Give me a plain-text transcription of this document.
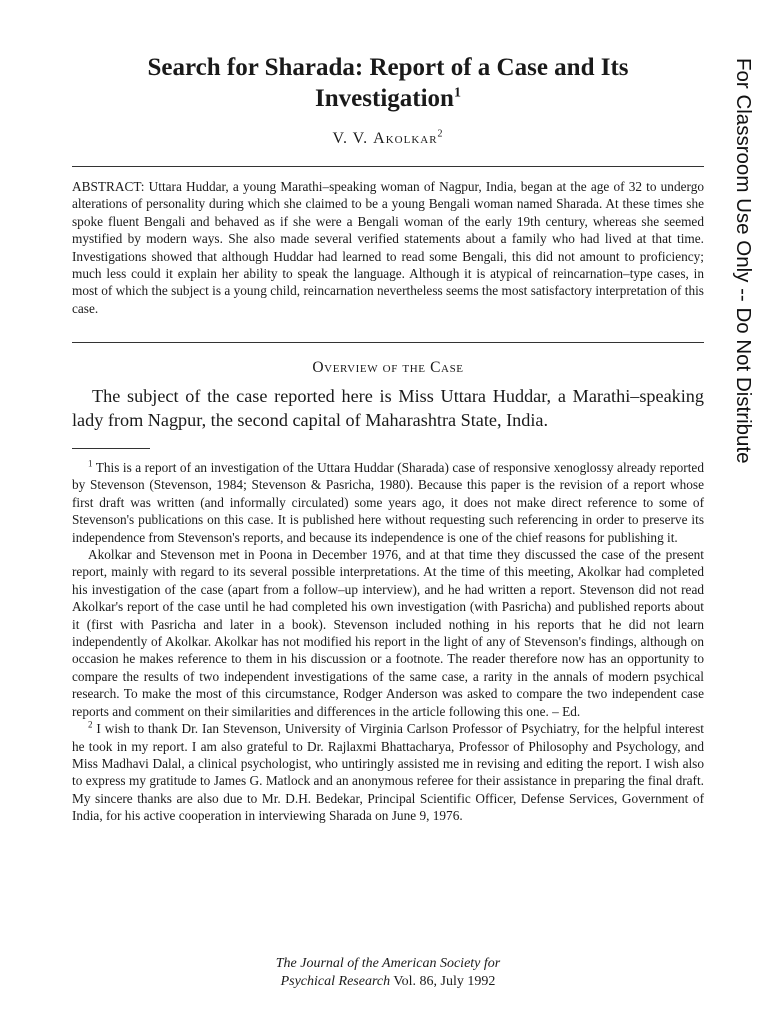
Search for Sharada: Report of a Case and Its Investigation$^1$
V. V. Akolkar$^2$
ABSTRACT: Uttara Huddar, a young Marathi–speaking woman of Nagpur, India, began at the age of 32 to undergo alterations of personality during which she claimed to be a young Bengali woman named Sharada. At these times she spoke fluent Bengali and behaved as if she were a Bengali woman of the early 19th century, whereas she seemed mystified by modern ways. She also made several verified statements about a family who had lived at that time. Investigations showed that although Huddar had learned to read some Bengali, this did not amount to proficiency; much less could it explain her ability to speak the language. Although it is atypical of reincarnation–type cases, in most of which the subject is a young child, reincarnation nevertheless seems the most satisfactory interpretation of this case.
Overview of the Case

The subject of the case reported here is Miss Uttara Huddar, a Marathi–speaking lady from Nagpur, the second capital of Maharashtra State, India.

$^1$ This is a report of an investigation of the Uttara Huddar (Sharada) case of responsive xenoglossy already reported by Stevenson (Stevenson, 1984; Stevenson & Pasricha, 1980). Because this paper is the revision of a report whose first draft was written (and informally circulated) some years ago, it does not make direct reference to some of Stevenson's publications on this case. It is published here without requesting such referencing in order to preserve its independence from Stevenson's reports, and because its independence is one of the chief reasons for publishing it.

Akolkar and Stevenson met in Poona in December 1976, and at that time they discussed the case of the present report, mainly with regard to its several possible interpretations. At the time of this meeting, Akolkar had completed his investigation of the case (apart from a follow–up interview), and he had written a report. Stevenson did not read Akolkar's report of the case until he had completed his own investigation (with Pasricha) and published reports about it (first with Pasricha and later in a book). Stevenson included nothing in his reports that he did not learn independently of Akolkar. Akolkar has not modified his report in the light of any of Stevenson's findings, although on occasion he makes reference to them in his discussion or a footnote. The reader therefore now has an opportunity to compare the results of two independent investigations of the same case, a rarity in the annals of modern psychical research. To make the most of this circumstance, Rodger Anderson was asked to compare the two independent case reports and comment on their similarities and differences in the article following this one. – Ed.

$^2$ I wish to thank Dr. Ian Stevenson, University of Virginia Carlson Professor of Psychiatry, for the helpful interest he took in my report. I am also grateful to Dr. Rajlaxmi Bhattacharya, Professor of Philosophy and Psychology, and Miss Madhavi Dalal, a clinical psychologist, who untiringly assisted me in revising and editing the report. I wish also to express my gratitude to James G. Matlock and an anonymous referee for their assistance in preparing the final draft. My sincere thanks are also due to Mr. D.H. Bedekar, Principal Scientific Officer, Defense Services, Government of India, for his active cooperation in interviewing Sharada on June 9, 1976.

The Journal of the American Society for
Psychical Research Vol. 86, July 1992
For Classroom Use Only -- Do Not Distribute
